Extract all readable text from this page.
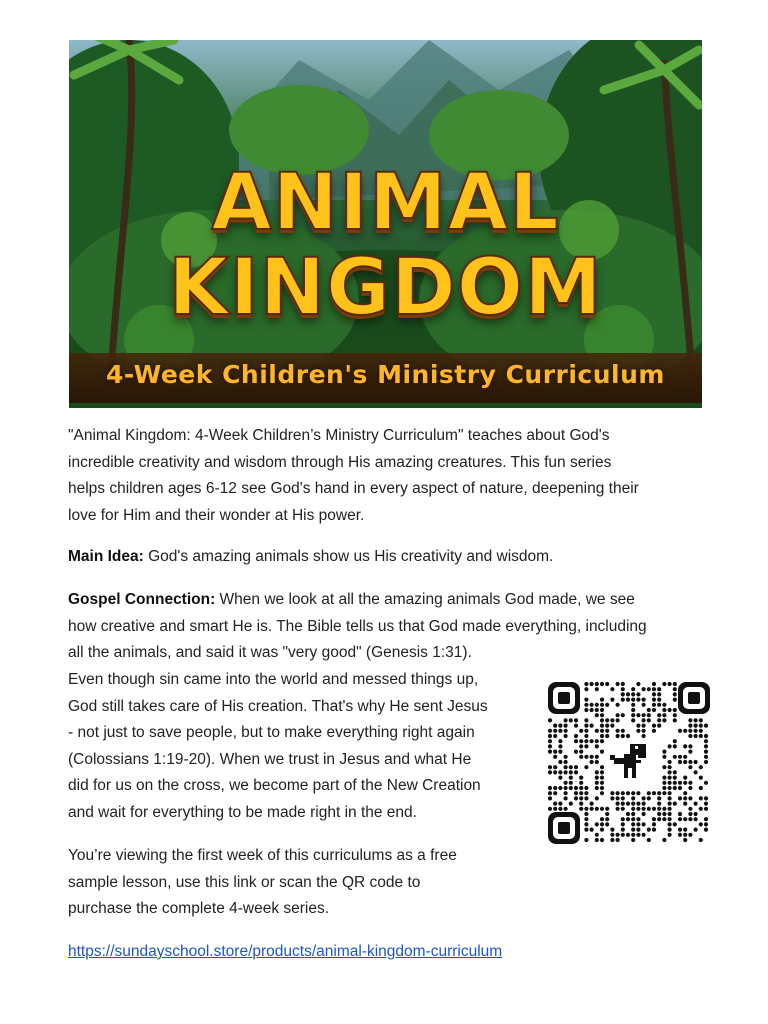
ANIMAL
KINGDOM
4-Week Children's Ministry Curriculum
"Animal Kingdom: 4-Week Children’s Ministry Curriculum" teaches about God's
incredible creativity and wisdom through His amazing creatures. This fun series
helps children ages 6-12 see God's hand in every aspect of nature, deepening their
love for Him and their wonder at His power.
Main Idea: God's amazing animals show us His creativity and wisdom.
Gospel Connection: When we look at all the amazing animals God made, we see
how creative and smart He is. The Bible tells us that God made everything, including
all the animals, and said it was "very good" (Genesis 1:31).
Even though sin came into the world and messed things up,
God still takes care of His creation. That's why He sent Jesus
- not just to save people, but to make everything right again
(Colossians 1:19-20). When we trust in Jesus and what He
did for us on the cross, we become part of the New Creation
and wait for everything to be made right in the end.
You’re viewing the first week of this curriculums as a free
sample lesson, use this link or scan the QR code to
purchase the complete 4-week series.
https://sundayschool.store/products/animal-kingdom-curriculum
